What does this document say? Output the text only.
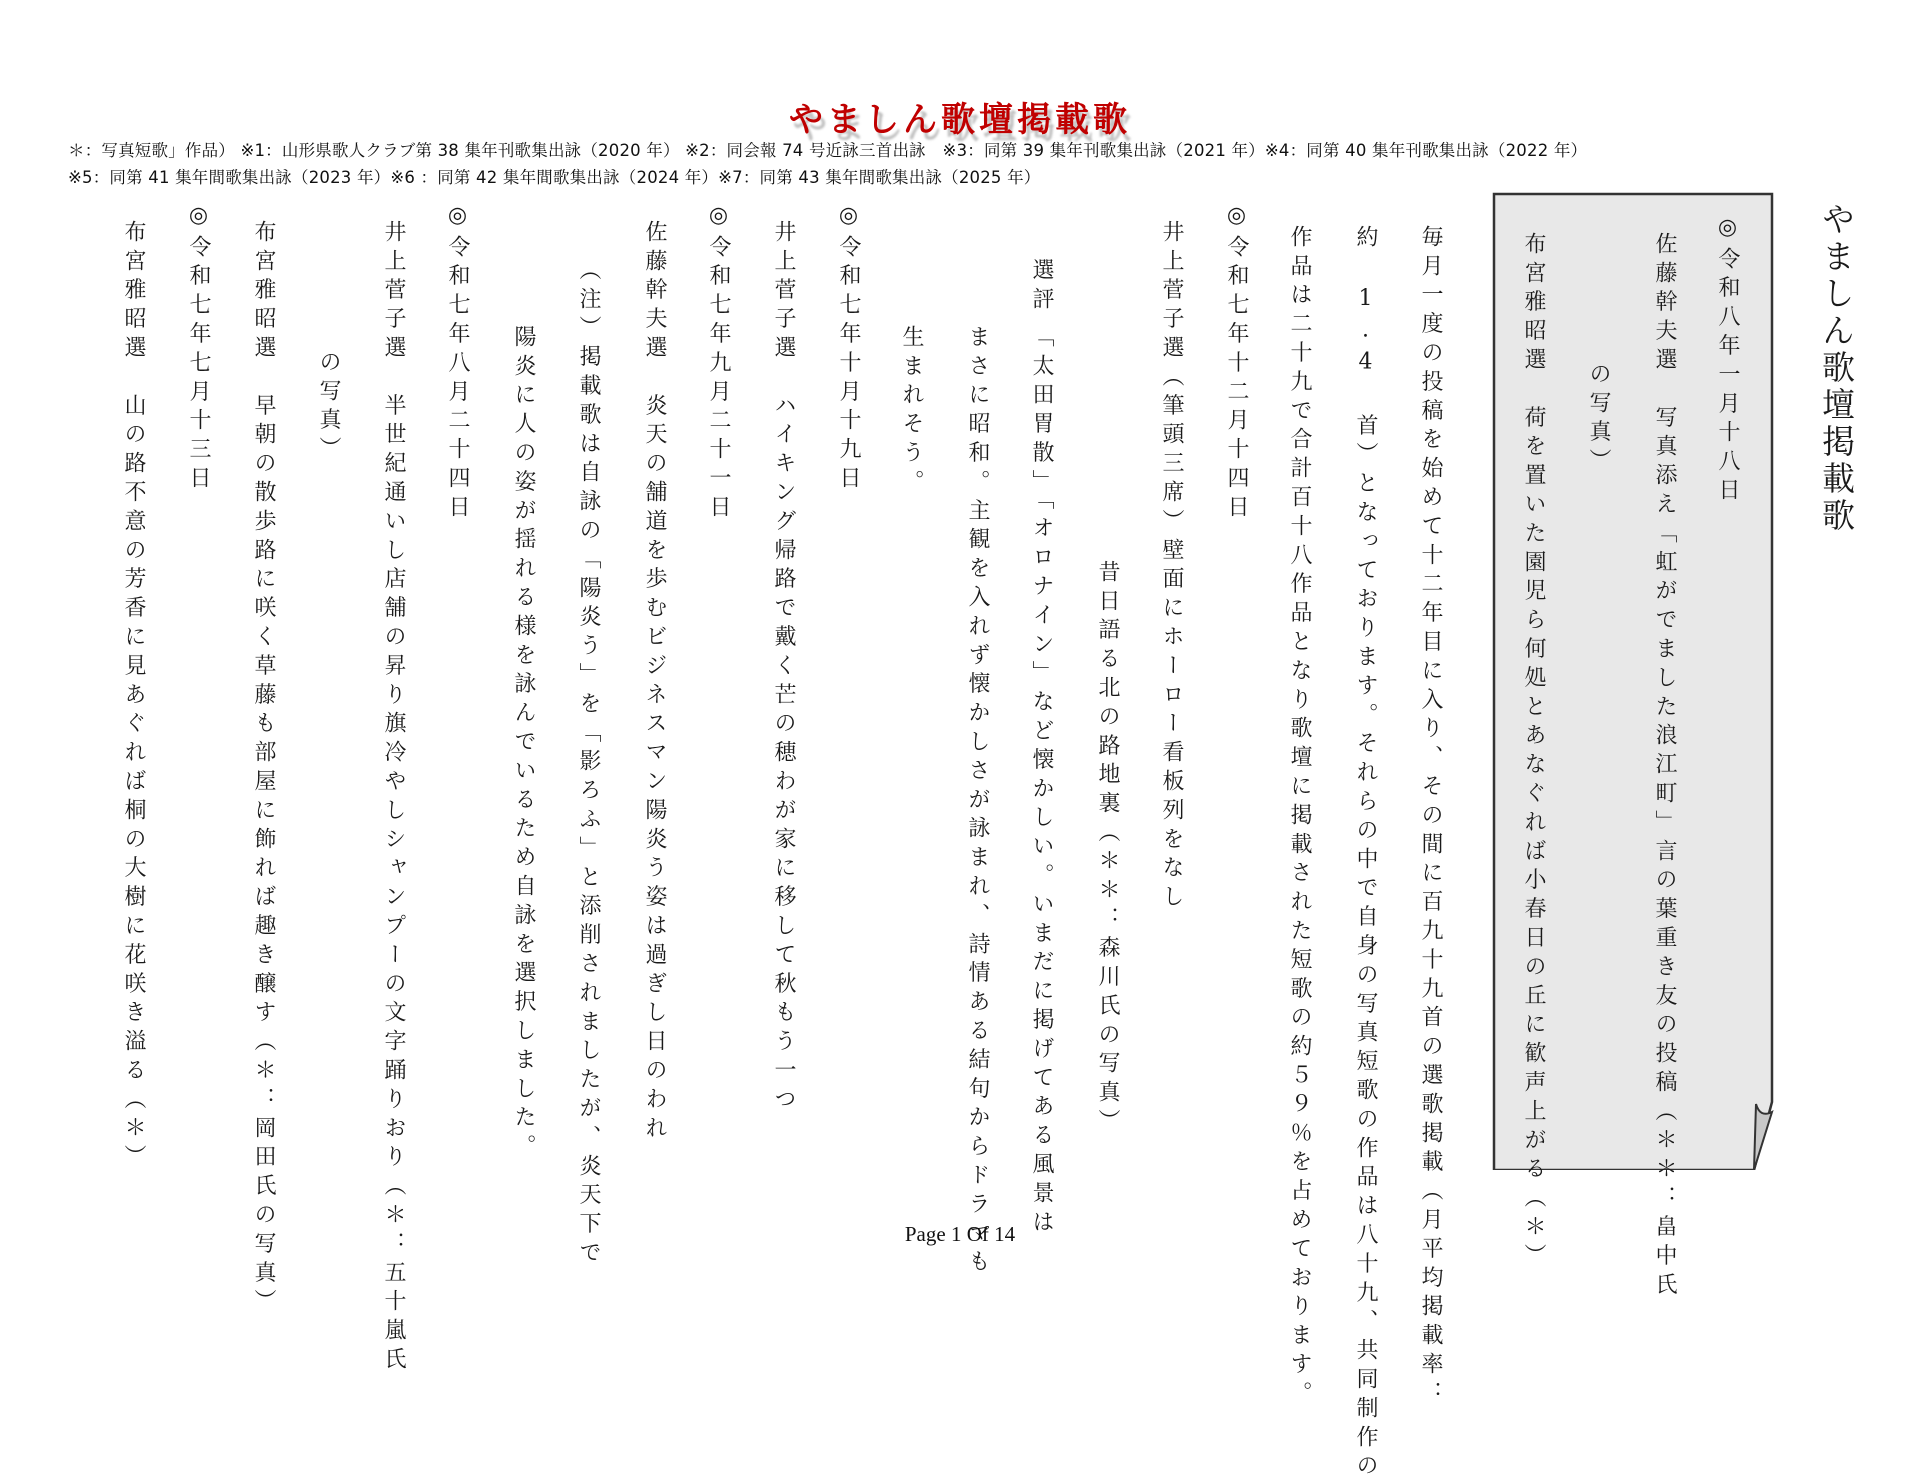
やましん歌壇掲載歌
＊：写真短歌」作品） ※1：山形県歌人クラブ第 38 集年刊歌集出詠（2020 年） ※2：同会報 74 号近詠三首出詠　※3：同第 39 集年刊歌集出詠（2021 年）※4：同第 40 集年刊歌集出詠（2022 年）
※5：同第 41 集年間歌集出詠（2023 年）※6 ：同第 42 集年間歌集出詠（2024 年）※7：同第 43 集年間歌集出詠（2025 年）
やましん歌壇掲載歌
◎令和八年一月十八日
佐藤幹夫選　写真添え「虹がでました浪江町」言の葉重き友の投稿（＊＊：畠中氏
の写真）
布宮雅昭選　荷を置いた園児ら何処とあなぐれば小春日の丘に歓声上がる（＊）
毎月一度の投稿を始めて十二年目に入り、その間に百九十九首の選歌掲載（月平均掲載率：
約 1.4 首）となっております。それらの中で自身の写真短歌の作品は八十九、共同制作の
作品は二十九で合計百十八作品となり歌壇に掲載された短歌の約５９％を占めております。
◎令和七年十二月十四日
井上菅子選（筆頭三席）壁面にホーロー看板列をなし
昔日語る北の路地裏（＊＊：森川氏の写真）
選評
「太田胃散」「オロナイン」など懐かしい。いまだに掲げてある風景は
まさに昭和。主観を入れず懐かしさが詠まれ、詩情ある結句からドラマも
生まれそう。
◎令和七年十月十九日
井上菅子選　ハイキング帰路で戴く芒の穂わが家に移して秋もう一つ
◎令和七年九月二十一日
佐藤幹夫選　炎天の舗道を歩むビジネスマン陽炎う姿は過ぎし日のわれ
（注）掲載歌は自詠の「陽炎う」を「影ろふ」と添削されましたが、炎天下で
陽炎に人の姿が揺れる様を詠んでいるため自詠を選択しました。
◎令和七年八月二十四日
井上菅子選　半世紀通いし店舗の昇り旗冷やしシャンプーの文字踊りおり（＊：五十嵐氏
の写真）
布宮雅昭選　早朝の散歩路に咲く草藤も部屋に飾れば趣き醸す（＊：岡田氏の写真）
◎令和七年七月十三日
布宮雅昭選　山の路不意の芳香に見あぐれば桐の大樹に花咲き溢る（＊）
Page 1 Of 14
